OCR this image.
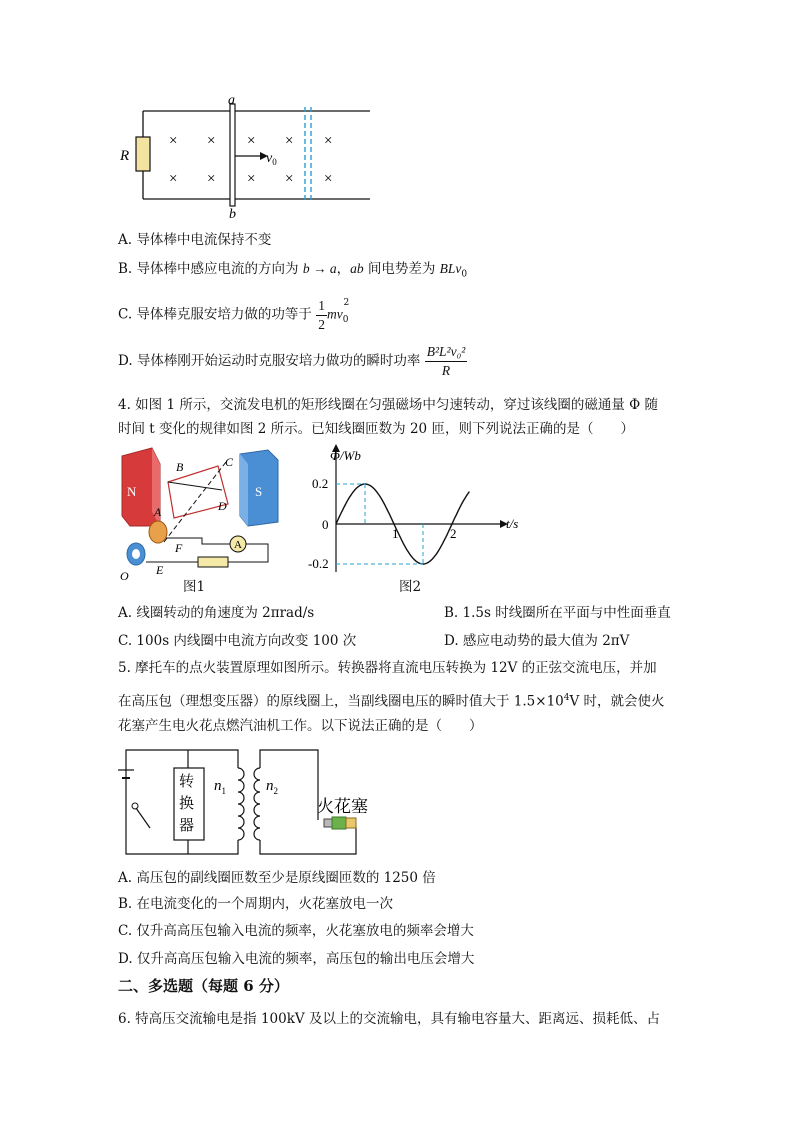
R
a
b
$v_0$
× × × × ×
× × × × ×
A. 导体棒中电流保持不变
B. 导体棒中感应电流的方向为 b → a，ab 间电势差为 BLv$_0$
C. 导体棒克服安培力做的功等于 $\frac{1}{2} mv_0^2$
D. 导体棒刚开始运动时克服安培力做功的瞬时功率 $\frac{\text{B²L²v₀²}}{R}$
4. 如图 1 所示，交流发电机的矩形线圈在匀强磁场中匀速转动，穿过该线圈的磁通量 Φ 随
时间 t 变化的规律如图 2 所示。已知线圈匝数为 20 匝，则下列说法正确的是（　　）
N	S
B	C
A	D
F
E
O
A
图1
Φ/Wb
t/s
0.2
0
-0.2
1	2
图2
A. 线圈转动的角速度为 2πrad/s	B. 1.5s 时线圈所在平面与中性面垂直
C. 100s 内线圈中电流方向改变 100 次	D. 感应电动势的最大值为 2πV
5. 摩托车的点火装置原理如图所示。转换器将直流电压转换为 12V 的正弦交流电压，并加
在高压包（理想变压器）的原线圈上，当副线圈电压的瞬时值大于 $1.5\times 10^4V$ 时，就会使火
花塞产生电火花点燃汽油机工作。以下说法正确的是（　　）
转
换
器
$n_1$	$n_2$
火花塞
A. 高压包的副线圈匝数至少是原线圈匝数的 1250 倍
B. 在电流变化的一个周期内，火花塞放电一次
C. 仅升高高压包输入电流的频率，火花塞放电的频率会增大
D. 仅升高高压包输入电流的频率，高压包的输出电压会增大
二、多选题（每题 6 分）
6. 特高压交流输电是指 100kV 及以上的交流输电，具有输电容量大、距离远、损耗低、占
